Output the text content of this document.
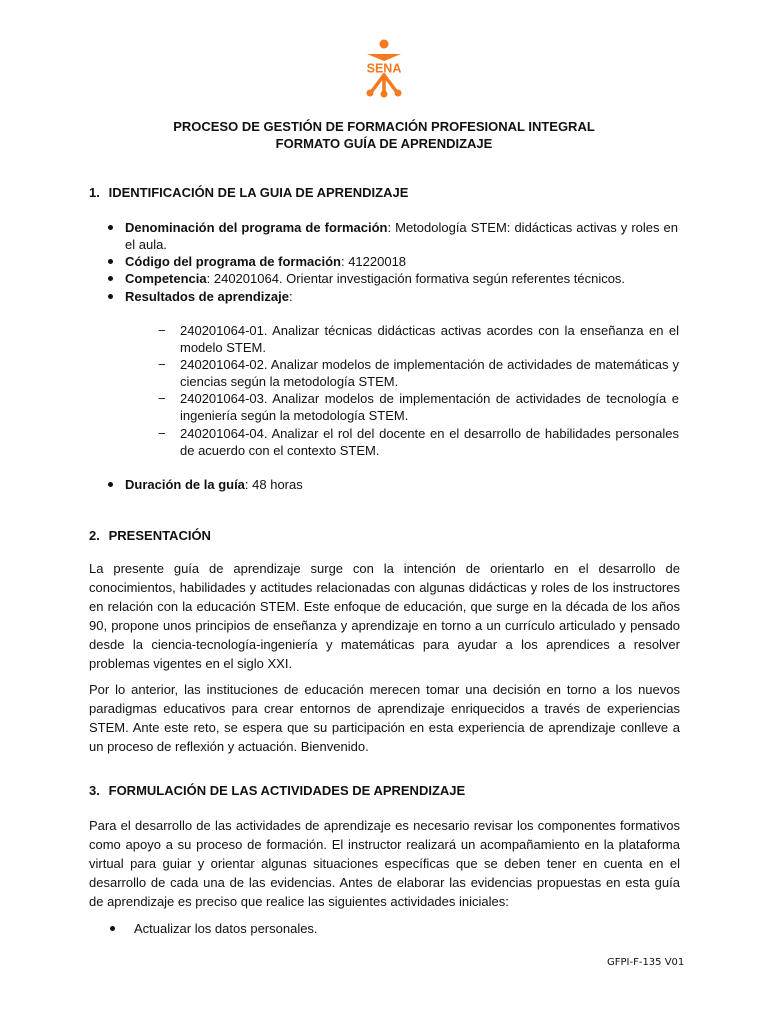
SENA
PROCESO DE GESTIÓN DE FORMACIÓN PROFESIONAL INTEGRAL
FORMATO GUÍA DE APRENDIZAJE
1. IDENTIFICACIÓN DE LA GUIA DE APRENDIZAJE
Denominación del programa de formación: Metodología STEM: didácticas activas y roles en el aula.
Código del programa de formación: 41220018
Competencia: 240201064. Orientar investigación formativa según referentes técnicos.
Resultados de aprendizaje:
− 240201064-01. Analizar técnicas didácticas activas acordes con la enseñanza en el modelo STEM.
− 240201064-02. Analizar modelos de implementación de actividades de matemáticas y ciencias según la metodología STEM.
− 240201064-03. Analizar modelos de implementación de actividades de tecnología e ingeniería según la metodología STEM.
− 240201064-04. Analizar el rol del docente en el desarrollo de habilidades personales de acuerdo con el contexto STEM.
Duración de la guía: 48 horas
2. PRESENTACIÓN
La presente guía de aprendizaje surge con la intención de orientarlo en el desarrollo de conocimientos, habilidades y actitudes relacionadas con algunas didácticas y roles de los instructores en relación con la educación STEM. Este enfoque de educación, que surge en la década de los años 90, propone unos principios de enseñanza y aprendizaje en torno a un currículo articulado y pensado desde la ciencia-tecnología-ingeniería y matemáticas para ayudar a los aprendices a resolver problemas vigentes en el siglo XXI.
Por lo anterior, las instituciones de educación merecen tomar una decisión en torno a los nuevos paradigmas educativos para crear entornos de aprendizaje enriquecidos a través de experiencias STEM. Ante este reto, se espera que su participación en esta experiencia de aprendizaje conlleve a un proceso de reflexión y actuación. Bienvenido.
3. FORMULACIÓN DE LAS ACTIVIDADES DE APRENDIZAJE
Para el desarrollo de las actividades de aprendizaje es necesario revisar los componentes formativos como apoyo a su proceso de formación. El instructor realizará un acompañamiento en la plataforma virtual para guiar y orientar algunas situaciones específicas que se deben tener en cuenta en el desarrollo de cada una de las evidencias. Antes de elaborar las evidencias propuestas en esta guía de aprendizaje es preciso que realice las siguientes actividades iniciales:
Actualizar los datos personales.
GFPI-F-135 V01
